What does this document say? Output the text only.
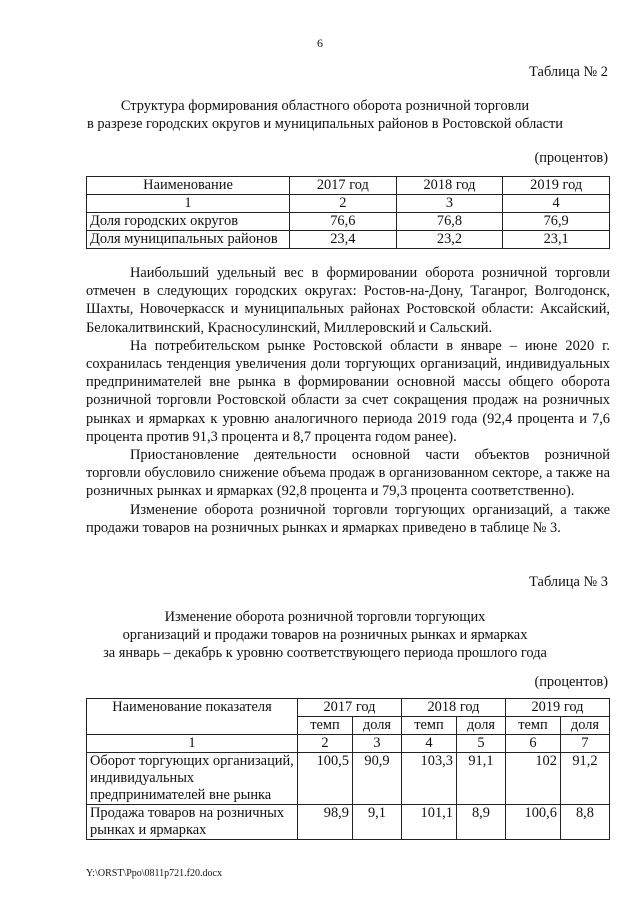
6
Таблица № 2
Структура формирования областного оборота розничной торговли
в разрезе городских округов и муниципальных районов в Ростовской области
(процентов)
Наименование	2017 год	2018 год	2019 год
1	2	3	4
Доля городских округов	76,6	76,8	76,9
Доля муниципальных районов	23,4	23,2	23,1

Наибольший удельный вес в формировании оборота розничной торговли отмечен в следующих городских округах: Ростов-на-Дону, Таганрог, Волгодонск, Шахты, Новочеркасск и муниципальных районах Ростовской области: Аксайский, Белокалитвинский, Красносулинский, Миллеровский и Сальский.

На потребительском рынке Ростовской области в январе – июне 2020 г. сохранилась тенденция увеличения доли торгующих организаций, индивидуальных предпринимателей вне рынка в формировании основной массы общего оборота розничной торговли Ростовской области за счет сокращения продаж на розничных рынках и ярмарках к уровню аналогичного периода 2019 года (92,4 процента и 7,6 процента против 91,3 процента и 8,7 процента годом ранее).

Приостановление деятельности основной части объектов розничной торговли обусловило снижение объема продаж в организованном секторе, а также на розничных рынках и ярмарках (92,8 процента и 79,3 процента соответственно).

Изменение оборота розничной торговли торгующих организаций, а также продажи товаров на розничных рынках и ярмарках приведено в таблице № 3.

Таблица № 3
Изменение оборота розничной торговли торгующих
организаций и продажи товаров на розничных рынках и ярмарках
за январь – декабрь к уровню соответствующего периода прошлого года
(процентов)
Наименование показателя	2017 год		2018 год		2019 год	
	темп	доля	темп	доля	темп	доля
1	2	3	4	5	6	7
Оборот торгующих организаций, индивидуальных предпринимателей вне рынка	100,5	90,9	103,3	91,1	102	91,2
Продажа товаров на розничных рынках и ярмарках	98,9	9,1	101,1	8,9	100,6	8,8
Y:\ORST\Ppo\0811p721.f20.docx
